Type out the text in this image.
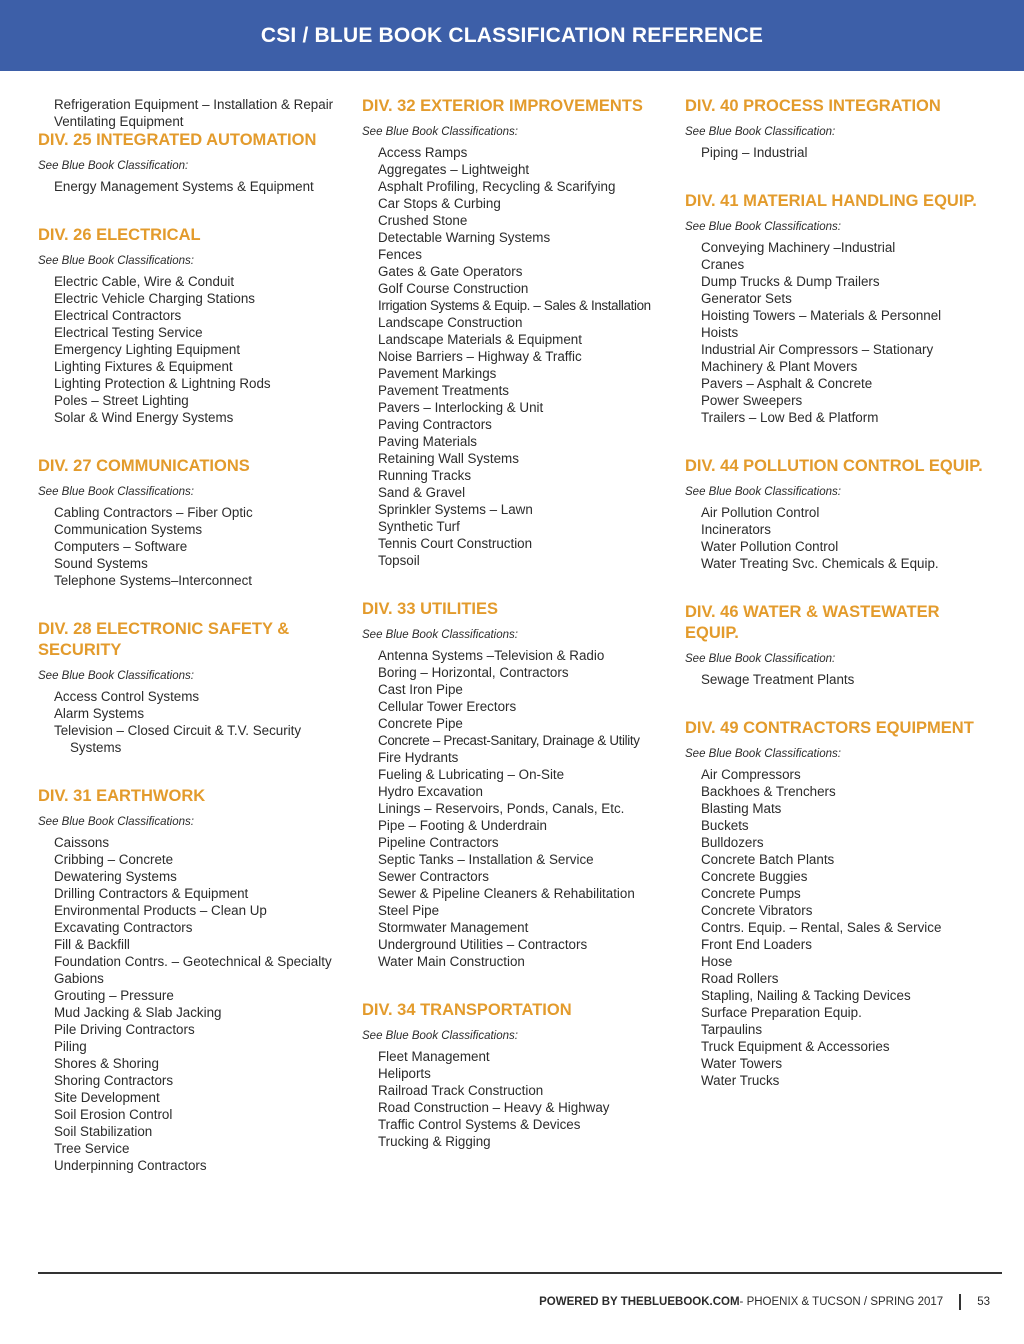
CSI / BLUE BOOK CLASSIFICATION REFERENCE
Refrigeration Equipment – Installation & Repair
Ventilating Equipment
DIV. 25 INTEGRATED AUTOMATION
See Blue Book Classification:
Energy Management Systems & Equipment
DIV. 26 ELECTRICAL
See Blue Book Classifications:
Electric Cable, Wire & Conduit
Electric Vehicle Charging Stations
Electrical Contractors
Electrical Testing Service
Emergency Lighting Equipment
Lighting Fixtures & Equipment
Lighting Protection & Lightning Rods
Poles – Street Lighting
Solar & Wind Energy Systems
DIV. 27 COMMUNICATIONS
See Blue Book Classifications:
Cabling Contractors – Fiber Optic
Communication Systems
Computers – Software
Sound Systems
Telephone Systems–Interconnect
DIV. 28 ELECTRONIC SAFETY & SECURITY
See Blue Book Classifications:
Access Control Systems
Alarm Systems
Television – Closed Circuit & T.V. Security Systems
DIV. 31 EARTHWORK
See Blue Book Classifications:
Caissons
Cribbing – Concrete
Dewatering Systems
Drilling Contractors & Equipment
Environmental Products – Clean Up
Excavating Contractors
Fill & Backfill
Foundation Contrs. – Geotechnical & Specialty
Gabions
Grouting – Pressure
Mud Jacking & Slab Jacking
Pile Driving Contractors
Piling
Shores & Shoring
Shoring Contractors
Site Development
Soil Erosion Control
Soil Stabilization
Tree Service
Underpinning Contractors
DIV. 32 EXTERIOR IMPROVEMENTS
See Blue Book Classifications:
Access Ramps
Aggregates – Lightweight
Asphalt Profiling, Recycling & Scarifying
Car Stops & Curbing
Crushed Stone
Detectable Warning Systems
Fences
Gates & Gate Operators
Golf Course Construction
Irrigation Systems & Equip. – Sales & Installation
Landscape Construction
Landscape Materials & Equipment
Noise Barriers – Highway & Traffic
Pavement Markings
Pavement Treatments
Pavers – Interlocking & Unit
Paving Contractors
Paving Materials
Retaining Wall Systems
Running Tracks
Sand & Gravel
Sprinkler Systems – Lawn
Synthetic Turf
Tennis Court Construction
Topsoil
DIV. 33 UTILITIES
See Blue Book Classifications:
Antenna Systems –Television & Radio
Boring – Horizontal, Contractors
Cast Iron Pipe
Cellular Tower Erectors
Concrete Pipe
Concrete – Precast-Sanitary, Drainage & Utility
Fire Hydrants
Fueling & Lubricating – On-Site
Hydro Excavation
Linings – Reservoirs, Ponds, Canals, Etc.
Pipe – Footing & Underdrain
Pipeline Contractors
Septic Tanks – Installation & Service
Sewer Contractors
Sewer & Pipeline Cleaners & Rehabilitation
Steel Pipe
Stormwater Management
Underground Utilities – Contractors
Water Main Construction
DIV. 34 TRANSPORTATION
See Blue Book Classifications:
Fleet Management
Heliports
Railroad Track Construction
Road Construction – Heavy & Highway
Traffic Control Systems & Devices
Trucking & Rigging
DIV. 40 PROCESS INTEGRATION
See Blue Book Classification:
Piping – Industrial
DIV. 41 MATERIAL HANDLING EQUIP.
See Blue Book Classifications:
Conveying Machinery –Industrial
Cranes
Dump Trucks & Dump Trailers
Generator Sets
Hoisting Towers – Materials & Personnel
Hoists
Industrial Air Compressors – Stationary
Machinery & Plant Movers
Pavers – Asphalt & Concrete
Power Sweepers
Trailers – Low Bed & Platform
DIV. 44 POLLUTION CONTROL EQUIP.
See Blue Book Classifications:
Air Pollution Control
Incinerators
Water Pollution Control
Water Treating Svc. Chemicals & Equip.
DIV. 46 WATER & WASTEWATER EQUIP.
See Blue Book Classification:
Sewage Treatment Plants
DIV. 49 CONTRACTORS EQUIPMENT
See Blue Book Classifications:
Air Compressors
Backhoes & Trenchers
Blasting Mats
Buckets
Bulldozers
Concrete Batch Plants
Concrete Buggies
Concrete Pumps
Concrete Vibrators
Contrs. Equip. – Rental, Sales & Service
Front End Loaders
Hose
Road Rollers
Stapling, Nailing & Tacking Devices
Surface Preparation Equip.
Tarpaulins
Truck Equipment & Accessories
Water Towers
Water Trucks
POWERED BY THEBLUEBOOK.COM - PHOENIX & TUCSON / SPRING 2017	53
